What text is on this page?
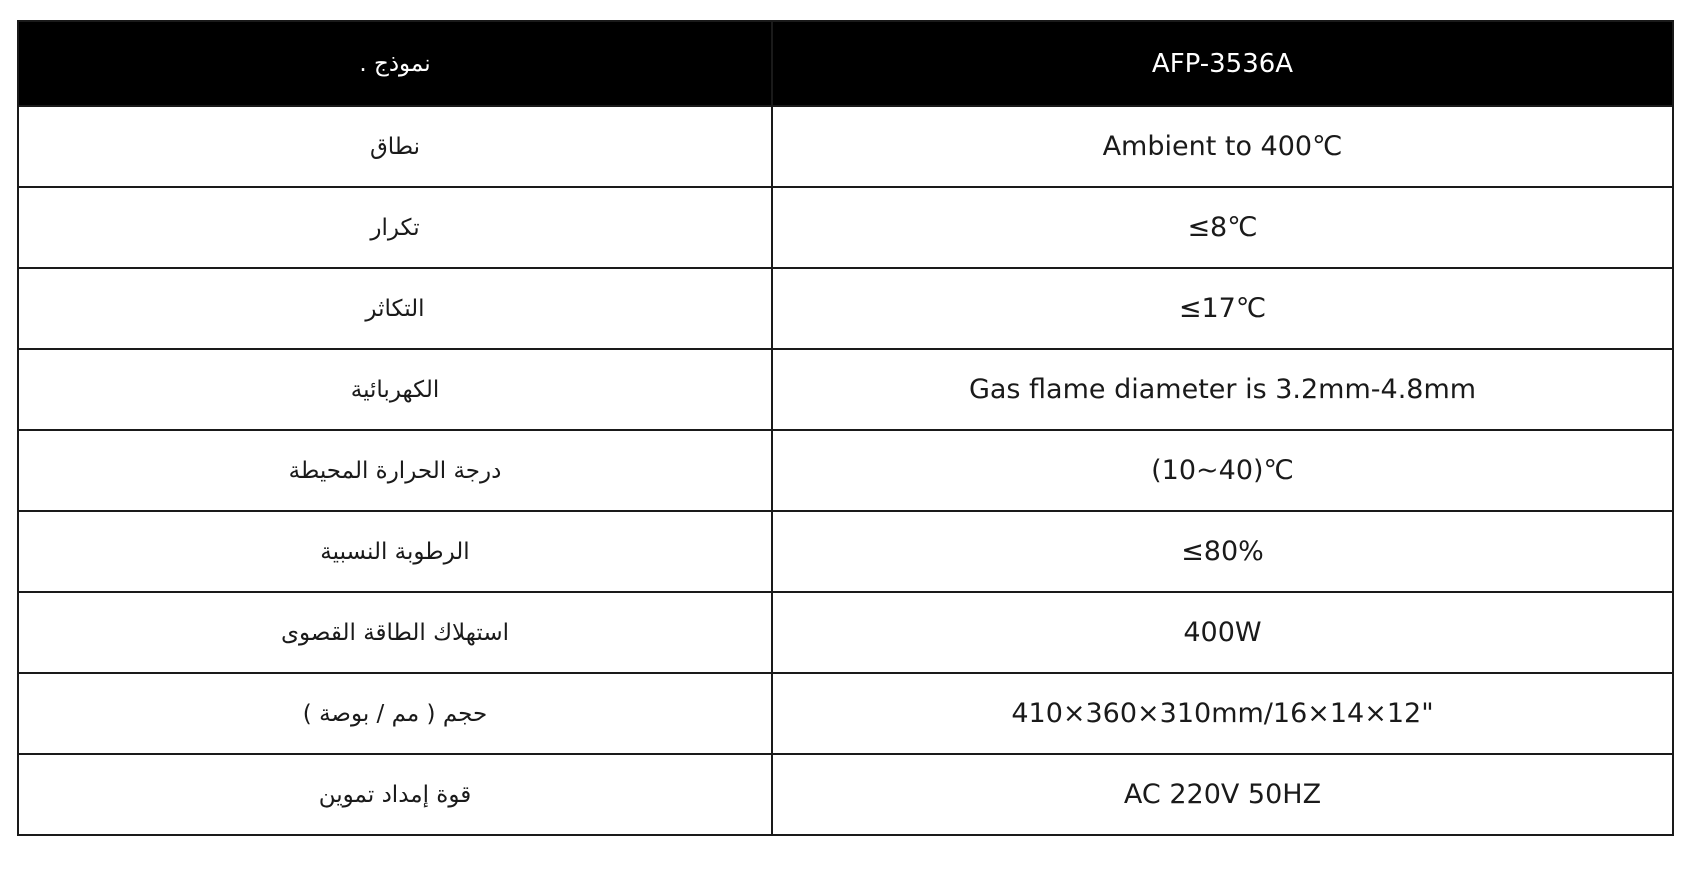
نموذج .	AFP-3536A
نطاق	Ambient to 400℃
تكرار	≤8℃
التكاثر	≤17℃
الكهربائية	Gas flame diameter is 3.2mm-4.8mm
درجة الحرارة المحيطة	(10~40)℃
الرطوبة النسبية	≤80%
استهلاك الطاقة القصوى	400W
حجم ( مم / بوصة )	410×360×310mm/16×14×12"
قوة إمداد تموين	AC 220V 50HZ
